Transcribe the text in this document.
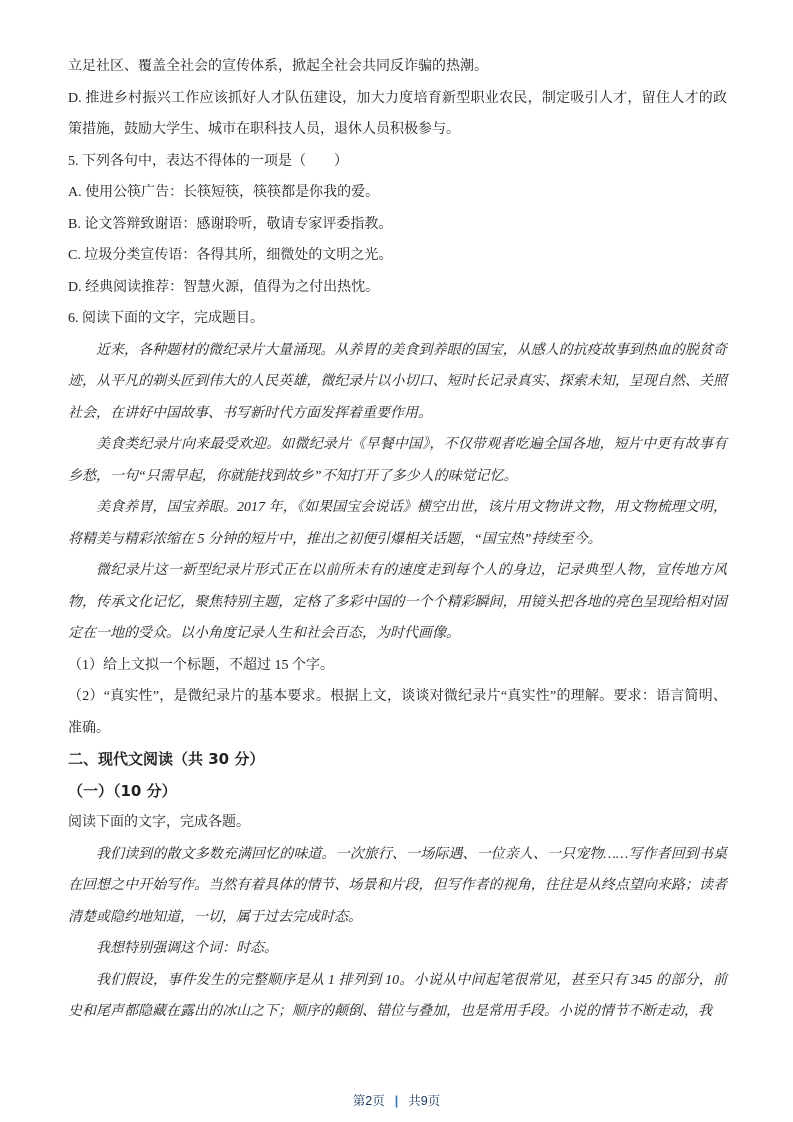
立足社区、覆盖全社会的宣传体系，掀起全社会共同反诈骗的热潮。

D. 推进乡村振兴工作应该抓好人才队伍建设，加大力度培育新型职业农民，制定吸引人才，留住人才的政策措施，鼓励大学生、城市在职科技人员，退休人员积极参与。

5. 下列各句中，表达不得体的一项是（　　）

A. 使用公筷广告：长筷短筷，筷筷都是你我的爱。

B. 论文答辩致谢语：感谢聆听，敬请专家评委指教。

C. 垃圾分类宣传语：各得其所，细微处的文明之光。

D. 经典阅读推荐：智慧火源，值得为之付出热忱。

6. 阅读下面的文字，完成题目。

近来，各种题材的微纪录片大量涌现。从养胃的美食到养眼的国宝，从感人的抗疫故事到热血的脱贫奇迹，从平凡的剃头匠到伟大的人民英雄，微纪录片以小切口、短时长记录真实、探索未知，呈现自然、关照社会，在讲好中国故事、书写新时代方面发挥着重要作用。

美食类纪录片向来最受欢迎。如微纪录片《早餐中国》，不仅带观者吃遍全国各地，短片中更有故事有乡愁，一句“只需早起，你就能找到故乡”不知打开了多少人的味觉记忆。

美食养胃，国宝养眼。2017 年，《如果国宝会说话》横空出世，该片用文物讲文物，用文物梳理文明，将精美与精彩浓缩在 5 分钟的短片中，推出之初便引爆相关话题，“国宝热”持续至今。

微纪录片这一新型纪录片形式正在以前所未有的速度走到每个人的身边，记录典型人物，宣传地方风物，传承文化记忆，聚焦特别主题，定格了多彩中国的一个个精彩瞬间，用镜头把各地的亮色呈现给相对固定在一地的受众。以小角度记录人生和社会百态，为时代画像。

（1）给上文拟一个标题，不超过 15 个字。

（2）“真实性”，是微纪录片的基本要求。根据上文，谈谈对微纪录片“真实性”的理解。要求：语言简明、准确。

二、现代文阅读（共 30 分）

（一）（10 分）

阅读下面的文字，完成各题。

我们读到的散文多数充满回忆的味道。一次旅行、一场际遇、一位亲人、一只宠物……写作者回到书桌在回想之中开始写作。当然有着具体的情节、场景和片段，但写作者的视角，往往是从终点望向来路；读者清楚或隐约地知道，一切，属于过去完成时态。

我想特别强调这个词：时态。

我们假设，事件发生的完整顺序是从 1 排列到 10。小说从中间起笔很常见，甚至只有 345 的部分，前史和尾声都隐藏在露出的冰山之下；顺序的颠倒、错位与叠加，也是常用手段。小说的情节不断走动，我

第2页 | 共9页
